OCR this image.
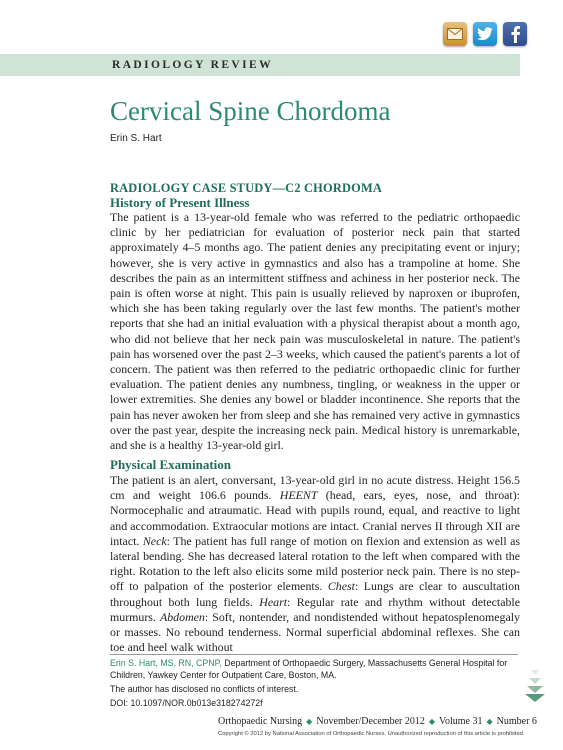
RADIOLOGY REVIEW
Cervical Spine Chordoma
Erin S. Hart
RADIOLOGY CASE STUDY—C2 CHORDOMA
History of Present Illness

The patient is a 13-year-old female who was referred to the pediatric orthopaedic clinic by her pediatrician for evaluation of posterior neck pain that started approximately 4–5 months ago. The patient denies any precipitating event or injury; however, she is very active in gymnastics and also has a trampoline at home. She describes the pain as an intermittent stiffness and achiness in her posterior neck. The pain is often worse at night. This pain is usually relieved by naproxen or ibuprofen, which she has been taking regularly over the last few months. The patient's mother reports that she had an initial evaluation with a physical therapist about a month ago, who did not believe that her neck pain was musculoskeletal in nature. The patient's pain has worsened over the past 2–3 weeks, which caused the patient's parents a lot of concern. The patient was then referred to the pediatric orthopaedic clinic for further evaluation. The patient denies any numbness, tingling, or weakness in the upper or lower extremities. She denies any bowel or bladder incontinence. She reports that the pain has never awoken her from sleep and she has remained very active in gymnastics over the past year, despite the increasing neck pain. Medical history is unremarkable, and she is a healthy 13-year-old girl.

Physical Examination

The patient is an alert, conversant, 13-year-old girl in no acute distress. Height 156.5 cm and weight 106.6 pounds. HEENT (head, ears, eyes, nose, and throat): Normocephalic and atraumatic. Head with pupils round, equal, and reactive to light and accommodation. Extraocular motions are intact. Cranial nerves II through XII are intact. Neck: The patient has full range of motion on flexion and extension as well as lateral bending. She has decreased lateral rotation to the left when compared with the right. Rotation to the left also elicits some mild posterior neck pain. There is no step-off to palpation of the posterior elements. Chest: Lungs are clear to auscultation throughout both lung fields. Heart: Regular rate and rhythm without detectable murmurs. Abdomen: Soft, nontender, and nondistended without hepatosplenomegaly or masses. No rebound tenderness. Normal superficial abdominal reflexes. She can toe and heel walk without

Erin S. Hart, MS, RN, CPNP, Department of Orthopaedic Surgery, Massachusetts General Hospital for Children, Yawkey Center for Outpatient Care, Boston, MA.

The author has disclosed no conflicts of interest.

DOI: 10.1097/NOR.0b013e318274272f

Orthopaedic Nursing ◆ November/December 2012 ◆ Volume 31 ◆ Number 6
Copyright © 2012 by National Association of Orthopaedic Nurses. Unauthorized reproduction of this article is prohibited.
